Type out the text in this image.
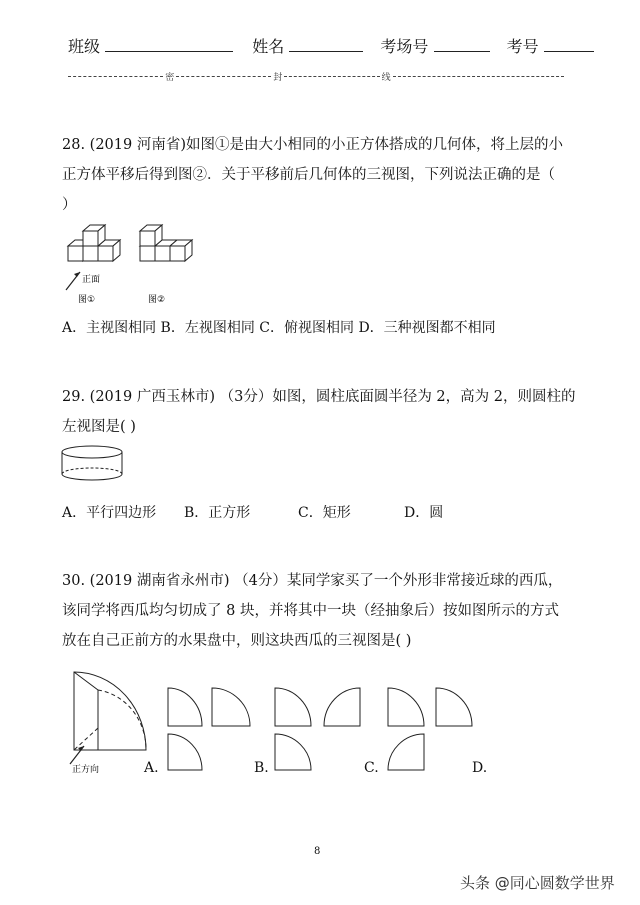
班级	姓名	考场号	考号
密	封	线
28. (2019 河南省)如图①是由大小相同的小正方体搭成的几何体，将上层的小
正方体平移后得到图②．关于平移前后几何体的三视图，下列说法正确的是（
）
正面
图①	图②
A．主视图相同 B．左视图相同 C．俯视图相同 D．三种视图都不相同
29. (2019 广西玉林市) （3分）如图，圆柱底面圆半径为 2，高为 2，则圆柱的
左视图是( )
A．平行四边形 B．正方形	C．矩形	D．圆
30. (2019 湖南省永州市) （4分）某同学家买了一个外形非常接近球的西瓜，
该同学将西瓜均匀切成了 8 块，并将其中一块（经抽象后）按如图所示的方式
放在自己正前方的水果盘中，则这块西瓜的三视图是( )
正方向	A.	B.	C.	D.
8
头条 @同心圆数学世界
